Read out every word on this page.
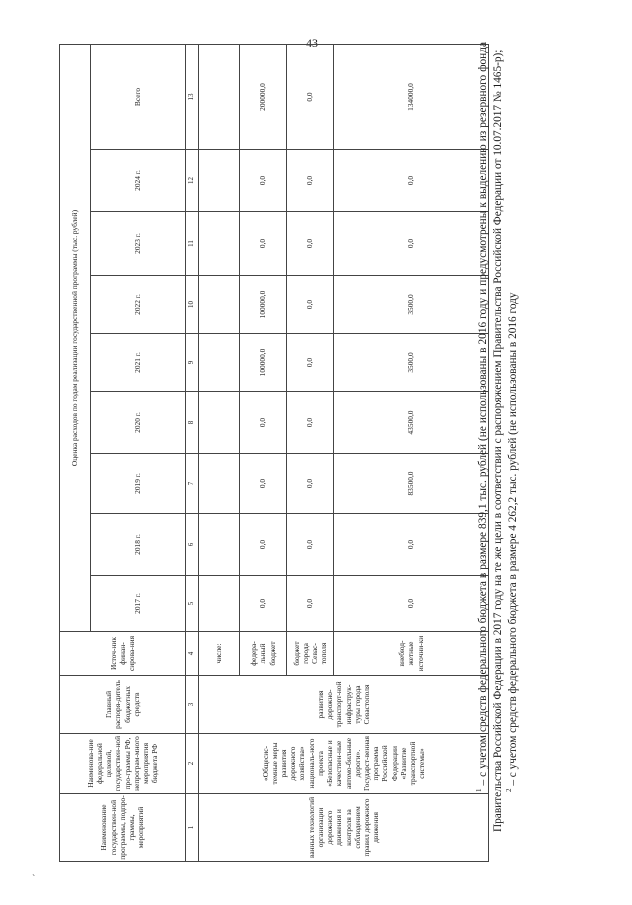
43
ˋ
Наименование государствен-ной программы, подпро-граммы, мероприятий	Наименова-ние федеральной целевой, государствен-ной про-граммы РФ, непрограм-много мероприятия бюджета РФ	Главный распоря-дитель бюджетных средств	Источ-ник финан-сирова-ния	Оценка расходов по годам реализации государственной программы (тыс. рублей)								
				2017 г.	2018 г.	2019 г.	2020 г.	2021 г.	2022 г.	2023 г.	2024 г.	Всего
1	2	3	4	5	6	7	8	9	10	11	12	13
ванных технологий организации дорожного движения и контроля за соблюдением правил дорожного движения	«Общесис-темные меры развития дорожного хозяйства» националь-ного проекта «Безопасные и качествен-ные автомо-бильные дороги». Государст-венная программа Российской Федерации «Развитие транспортной системы»	развития дорожно-транспорт-ной инфраструк-туры города Севастополя	числе:									
			федера-льный бюджет	0,0	0,0	0,0	0,0	100000,0	100000,0	0,0	0,0	200000,0
			бюджет города Севас-тополя	0,0	0,0	0,0	0,0	0,0	0,0	0,0	0,0	0,0
			внебюд-жетные источни-ки	0,0	0,0	83500,0	43500,0	3500,0	3500,0	0,0	0,0	134000,0

$^1$ – с учетом средств федерального бюджета в размере 839,1 тыс. рублей (не использованы в 2016 году и предусмотрены к выделению из резервного фонда Правительства Российской Федерации в 2017 году на те же цели в соответствии с распоряжением Правительства Российской Федерации от 10.07.2017 № 1465-р); $^2$ – с учетом средств федерального бюджета в размере 4 262,2 тыс. рублей (не использованы в 2016 году
